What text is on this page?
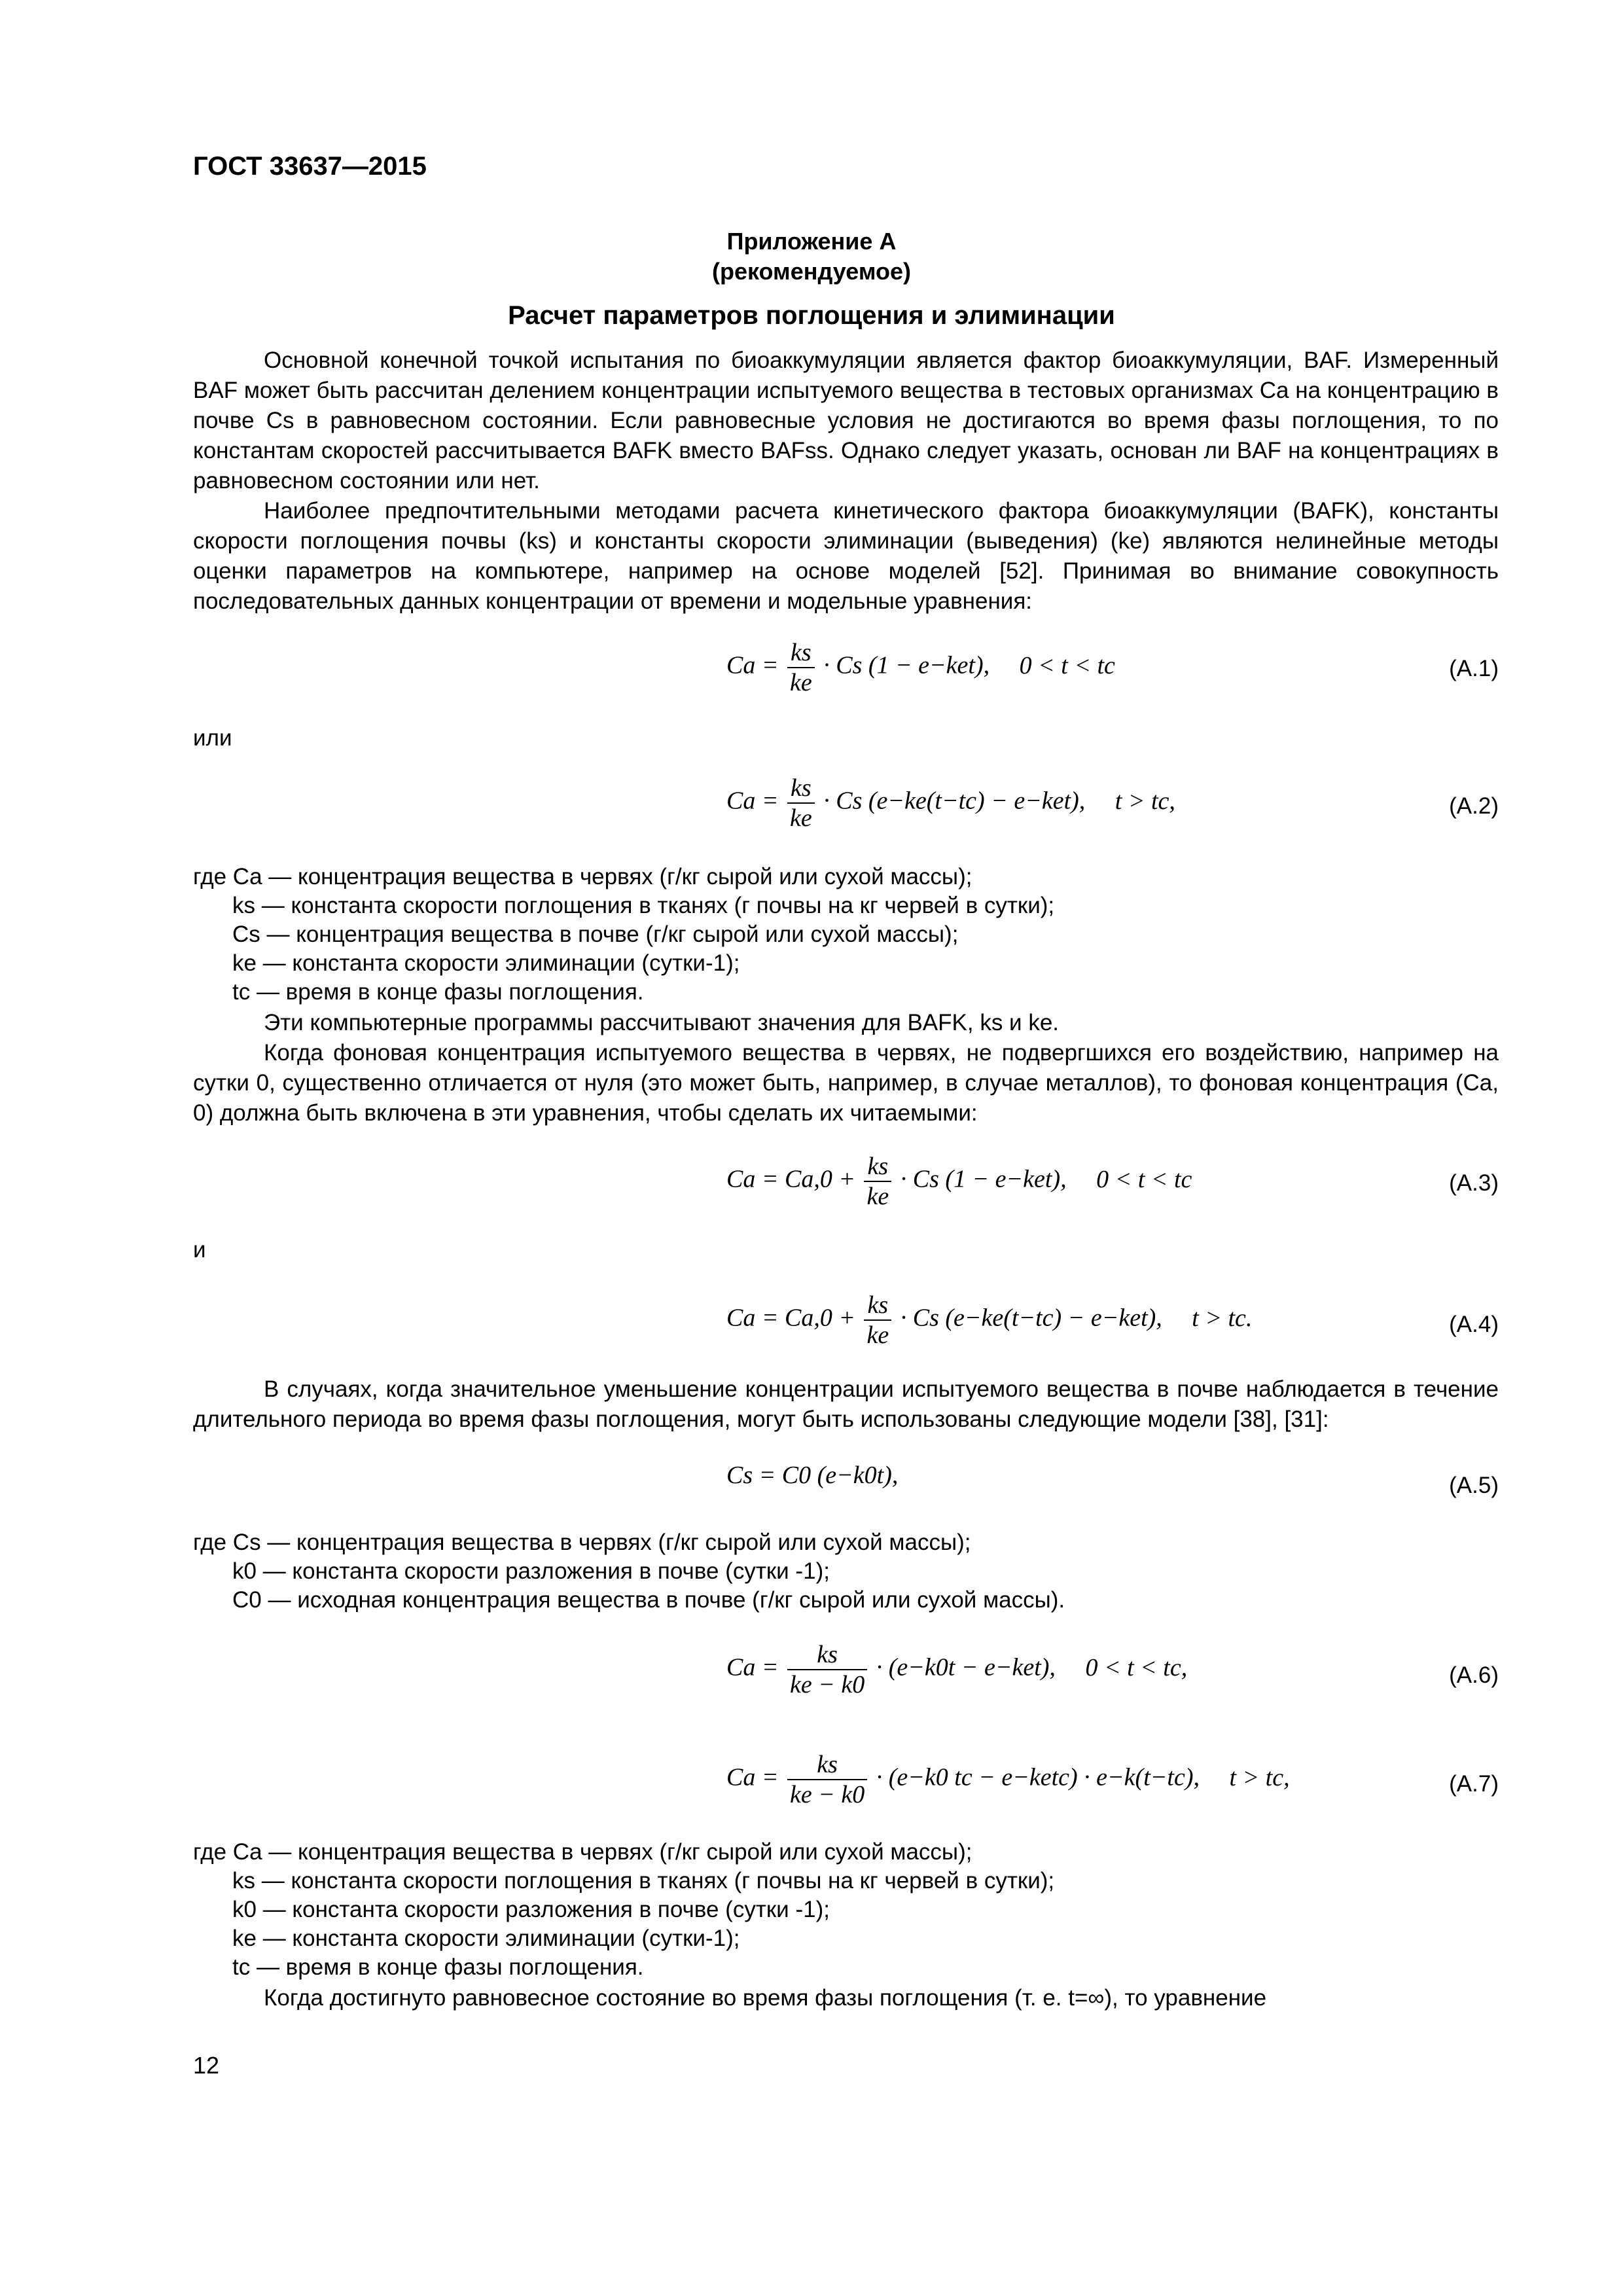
ГОСТ 33637—2015
Приложение А
(рекомендуемое)
Расчет параметров поглощения и элиминации
Основной конечной точкой испытания по биоаккумуляции является фактор биоаккумуляции, BAF. Измеренный BAF может быть рассчитан делением концентрации испытуемого вещества в тестовых организмах Ca на концентрацию в почве Cs в равновесном состоянии. Если равновесные условия не достигаются во время фазы поглощения, то по константам скоростей рассчитывается BAFK вместо BAFss. Однако следует указать, основан ли BAF на концентрациях в равновесном состоянии или нет.
Наиболее предпочтительными методами расчета кинетического фактора биоаккумуляции (BAFK), константы скорости поглощения почвы (ks) и константы скорости элиминации (выведения) (ke) являются нелинейные методы оценки параметров на компьютере, например на основе моделей [52]. Принимая во внимание совокупность последовательных данных концентрации от времени и модельные уравнения:
$Ca = \frac{ks}{ke} \cdot Cs$ (1 − e−ket), 0 < t < tc	(А.1)
или
$Ca = \frac{ks}{ke} \cdot Cs$ (e−ke(t−tc) − e−ket), t > tc,	(А.2)
где Ca — концентрация вещества в червях (г/кг сырой или сухой массы);
ks — константа скорости поглощения в тканях (г почвы на кг червей в сутки);
Cs — концентрация вещества в почве (г/кг сырой или сухой массы);
ke — константа скорости элиминации (сутки-1);
tc — время в конце фазы поглощения.
Эти компьютерные программы рассчитывают значения для BAFK, ks и ke.
Когда фоновая концентрация испытуемого вещества в червях, не подвергшихся его воздействию, например на сутки 0, существенно отличается от нуля (это может быть, например, в случае металлов), то фоновая концентрация (Ca, 0) должна быть включена в эти уравнения, чтобы сделать их читаемыми:
$Ca = Ca,0 + \frac{ks}{ke} \cdot Cs$ (1 − e−ket), 0 < t < tc	(А.3)
и
$Ca = Ca,0 + \frac{ks}{ke} \cdot Cs$ (e−ke(t−tc) − e−ket), t > tc.	(А.4)
В случаях, когда значительное уменьшение концентрации испытуемого вещества в почве наблюдается в течение длительного периода во время фазы поглощения, могут быть использованы следующие модели [38], [31]:
Cs = C0 (e−k0t),	(А.5)
где Cs — концентрация вещества в червях (г/кг сырой или сухой массы);
k0 — константа скорости разложения в почве (сутки -1);
C0 — исходная концентрация вещества в почве (г/кг сырой или сухой массы).
$Ca = \frac{ks}{ke - k0} \cdot (e-k0t - e-ket)$, 0 < t < tc,	(А.6)
$Ca = \frac{ks}{ke - k0} \cdot (e-k0$ tc − e−ketc) · e−k(t−tc), t > tc,	(А.7)
где Ca — концентрация вещества в червях (г/кг сырой или сухой массы);
ks — константа скорости поглощения в тканях (г почвы на кг червей в сутки);
k0 — константа скорости разложения в почве (сутки -1);
ke — константа скорости элиминации (сутки-1);
tc — время в конце фазы поглощения.
Когда достигнуто равновесное состояние во время фазы поглощения (т. е. t=∞), то уравнение
12
